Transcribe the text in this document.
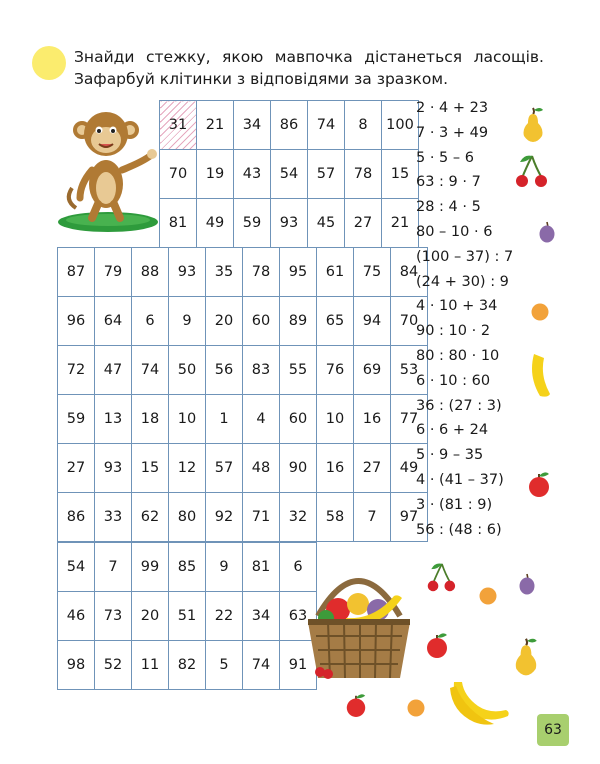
Знайди стежку, якою мавпочка дістанеться ласощів.
Зафарбуй клітинки з відповідями за зразком.
31	21	34	86	74	8	100
70	19	43	54	57	78	15
81	49	59	93	45	27	21
87	79	88	93	35	78	95	61	75	84
96	64	6	9	20	60	89	65	94	70
72	47	74	50	56	83	55	76	69	53
59	13	18	10	1	4	60	10	16	77
27	93	15	12	57	48	90	16	27	49
86	33	62	80	92	71	32	58	7	97
54	7	99	85	9	81	6
46	73	20	51	22	34	63
98	52	11	82	5	74	91
2 · 4 + 23
7 · 3 + 49
5 · 5 – 6
63 : 9 · 7
28 : 4 · 5
80 – 10 · 6
(100 – 37) : 7
(24 + 30) : 9
4 · 10 + 34
90 : 10 · 2
80 : 80 · 10
6 · 10 : 60
36 : (27 : 3)
6 · 6 + 24
5 · 9 – 35
4 · (41 – 37)
3 · (81 : 9)
56 : (48 : 6)
63
